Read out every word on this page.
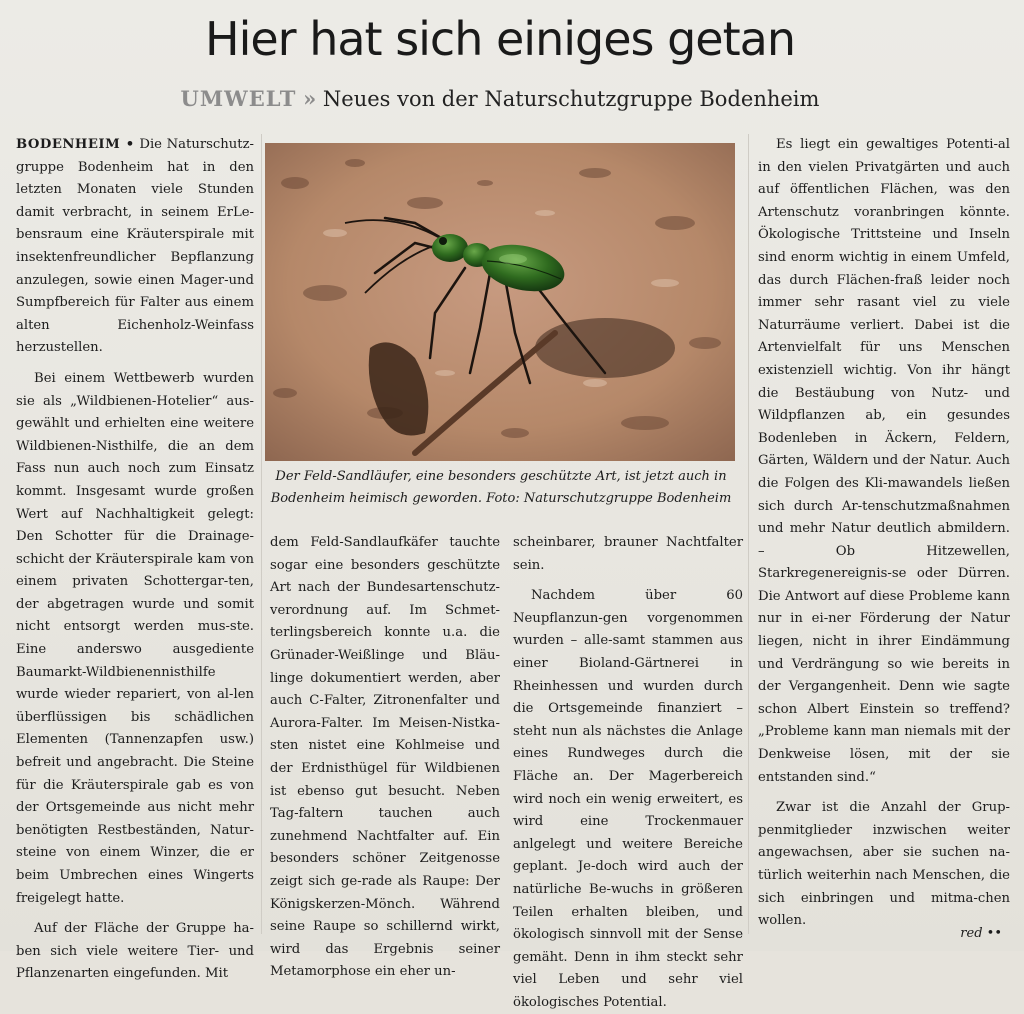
Hier hat sich einiges getan

UMWELT » Neues von der Naturschutzgruppe Bodenheim

BODENHEIM • Die Naturschutz-gruppe Bodenheim hat in den letzten Monaten viele Stunden damit verbracht, in seinem ErLe-bensraum eine Kräuterspirale mit insektenfreundlicher Bepflanzung anzulegen, sowie einen Mager-und Sumpfbereich für Falter aus einem alten Eichenholz-Weinfass herzustellen.

Bei einem Wettbewerb wurden sie als „Wildbienen-Hotelier“ aus-gewählt und erhielten eine weitere Wildbienen-Nisthilfe, die an dem Fass nun auch noch zum Einsatz kommt. Insgesamt wurde großen Wert auf Nachhaltigkeit gelegt: Den Schotter für die Drainage-schicht der Kräuterspirale kam von einem privaten Schottergar-ten, der abgetragen wurde und somit nicht entsorgt werden mus-ste. Eine anderswo ausgediente Baumarkt-Wildbienennisthilfe wurde wieder repariert, von al-len überflüssigen bis schädlichen Elementen (Tannenzapfen usw.) befreit und angebracht. Die Steine für die Kräuterspirale gab es von der Ortsgemeinde aus nicht mehr benötigten Restbeständen, Natur-steine von einem Winzer, die er beim Umbrechen eines Wingerts freigelegt hatte.

Auf der Fläche der Gruppe ha-ben sich viele weitere Tier- und Pflanzenarten eingefunden. Mit

Der Feld-Sandläufer, eine besonders geschützte Art, ist jetzt auch in Bodenheim heimisch geworden. Foto: Naturschutzgruppe Bodenheim

dem Feld-Sandlaufkäfer tauchte sogar eine besonders geschützte Art nach der Bundesartenschutz-verordnung auf. Im Schmet-terlingsbereich konnte u.a. die Grünader-Weißlinge und Bläu-linge dokumentiert werden, aber auch C-Falter, Zitronenfalter und Aurora-Falter. Im Meisen-Nistka-sten nistet eine Kohlmeise und der Erdnisthügel für Wildbienen ist ebenso gut besucht. Neben Tag-faltern tauchen auch zunehmend Nachtfalter auf. Ein besonders schöner Zeitgenosse zeigt sich ge-rade als Raupe: Der Königskerzen-Mönch. Während seine Raupe so schillernd wirkt, wird das Ergebnis seiner Metamorphose ein eher un-

scheinbarer, brauner Nachtfalter sein.

Nachdem über 60 Neupflanzun-gen vorgenommen wurden – alle-samt stammen aus einer Bioland-Gärtnerei in Rheinhessen und wurden durch die Ortsgemeinde finanziert – steht nun als nächstes die Anlage eines Rundweges durch die Fläche an. Der Magerbereich wird noch ein wenig erweitert, es wird eine Trockenmauer anlgelegt und weitere Bereiche geplant. Je-doch wird auch der natürliche Be-wuchs in größeren Teilen erhalten bleiben, und ökologisch sinnvoll mit der Sense gemäht. Denn in ihm steckt sehr viel Leben und sehr viel ökologisches Potential.

Es liegt ein gewaltiges Potenti-al in den vielen Privatgärten und auch auf öffentlichen Flächen, was den Artenschutz voranbringen könnte. Ökologische Trittsteine und Inseln sind enorm wichtig in einem Umfeld, das durch Flächen-fraß leider noch immer sehr rasant viel zu viele Naturräume verliert. Dabei ist die Artenvielfalt für uns Menschen existenziell wichtig. Von ihr hängt die Bestäubung von Nutz- und Wildpflanzen ab, ein gesundes Bodenleben in Äckern, Feldern, Gärten, Wäldern und der Natur. Auch die Folgen des Kli-mawandels ließen sich durch Ar-tenschutzmaßnahmen und mehr Natur deutlich abmildern. – Ob Hitzewellen, Starkregenereignis-se oder Dürren. Die Antwort auf diese Probleme kann nur in ei-ner Förderung der Natur liegen, nicht in ihrer Eindämmung und Verdrängung so wie bereits in der Vergangenheit. Denn wie sagte schon Albert Einstein so treffend? „Probleme kann man niemals mit der Denkweise lösen, mit der sie entstanden sind.“

Zwar ist die Anzahl der Grup-penmitglieder inzwischen weiter angewachsen, aber sie suchen na-türlich weiterhin nach Menschen, die sich einbringen und mitma-chen wollen.

red ••
